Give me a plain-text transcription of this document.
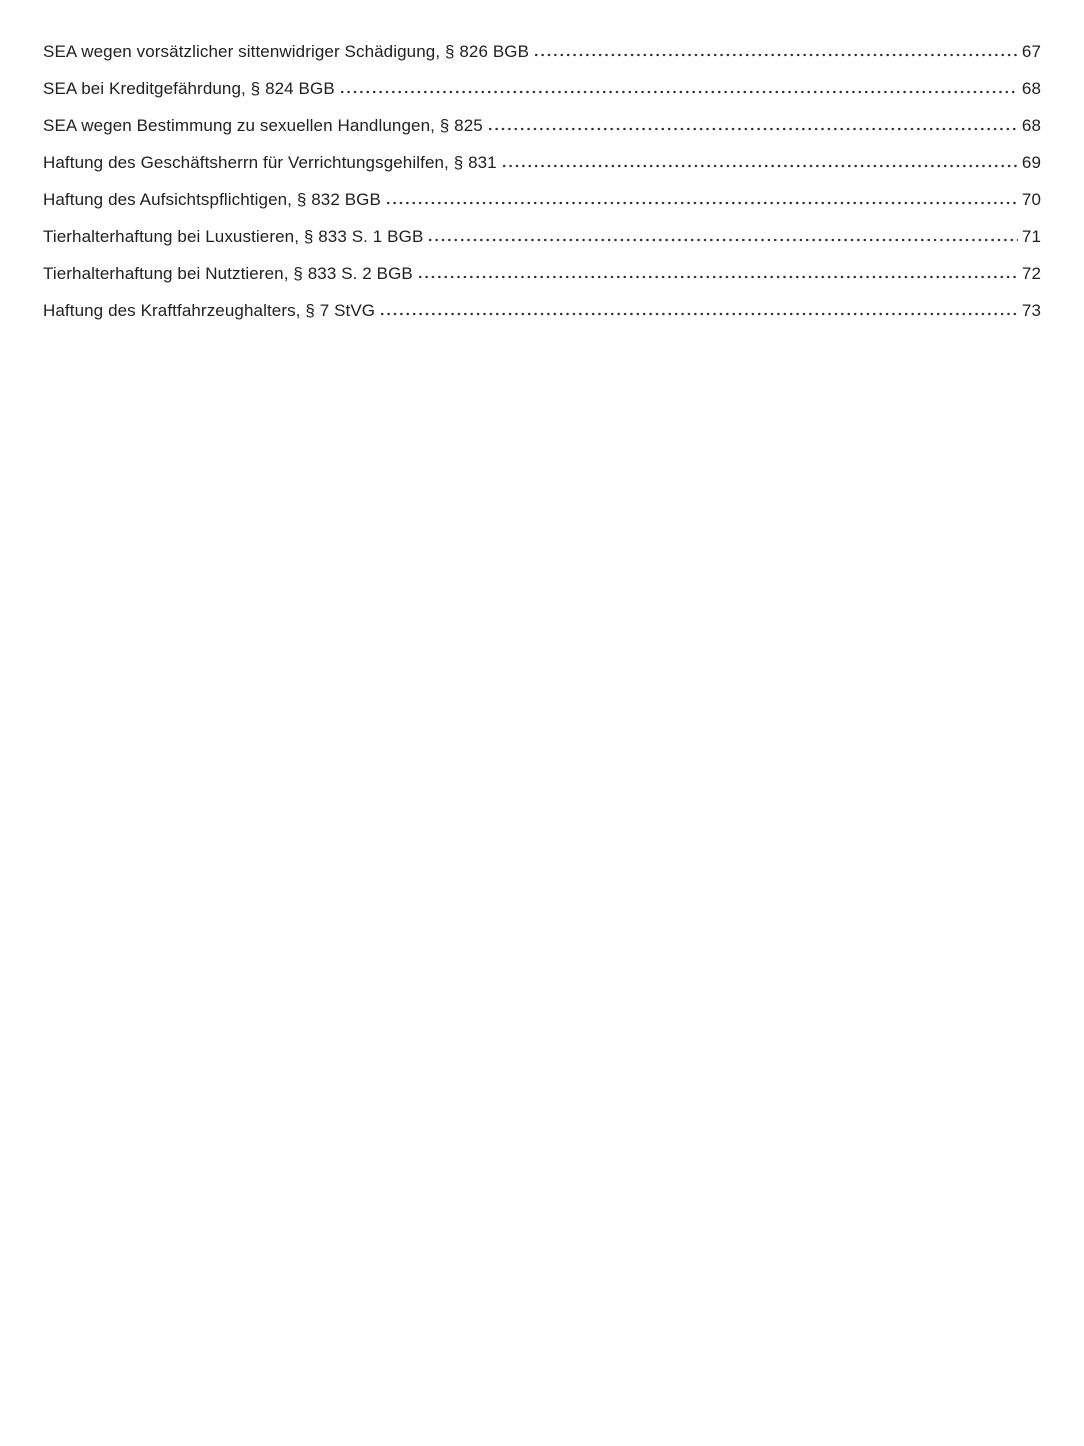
SEA wegen vorsätzlicher sittenwidriger Schädigung, § 826 BGB	67
SEA bei Kreditgefährdung, § 824 BGB	68
SEA wegen Bestimmung zu sexuellen Handlungen, § 825	68
Haftung des Geschäftsherrn für Verrichtungsgehilfen, § 831	69
Haftung des Aufsichtspflichtigen, § 832 BGB	70
Tierhalterhaftung bei Luxustieren, § 833 S. 1 BGB	71
Tierhalterhaftung bei Nutztieren, § 833 S. 2 BGB	72
Haftung des Kraftfahrzeughalters, § 7 StVG	73
